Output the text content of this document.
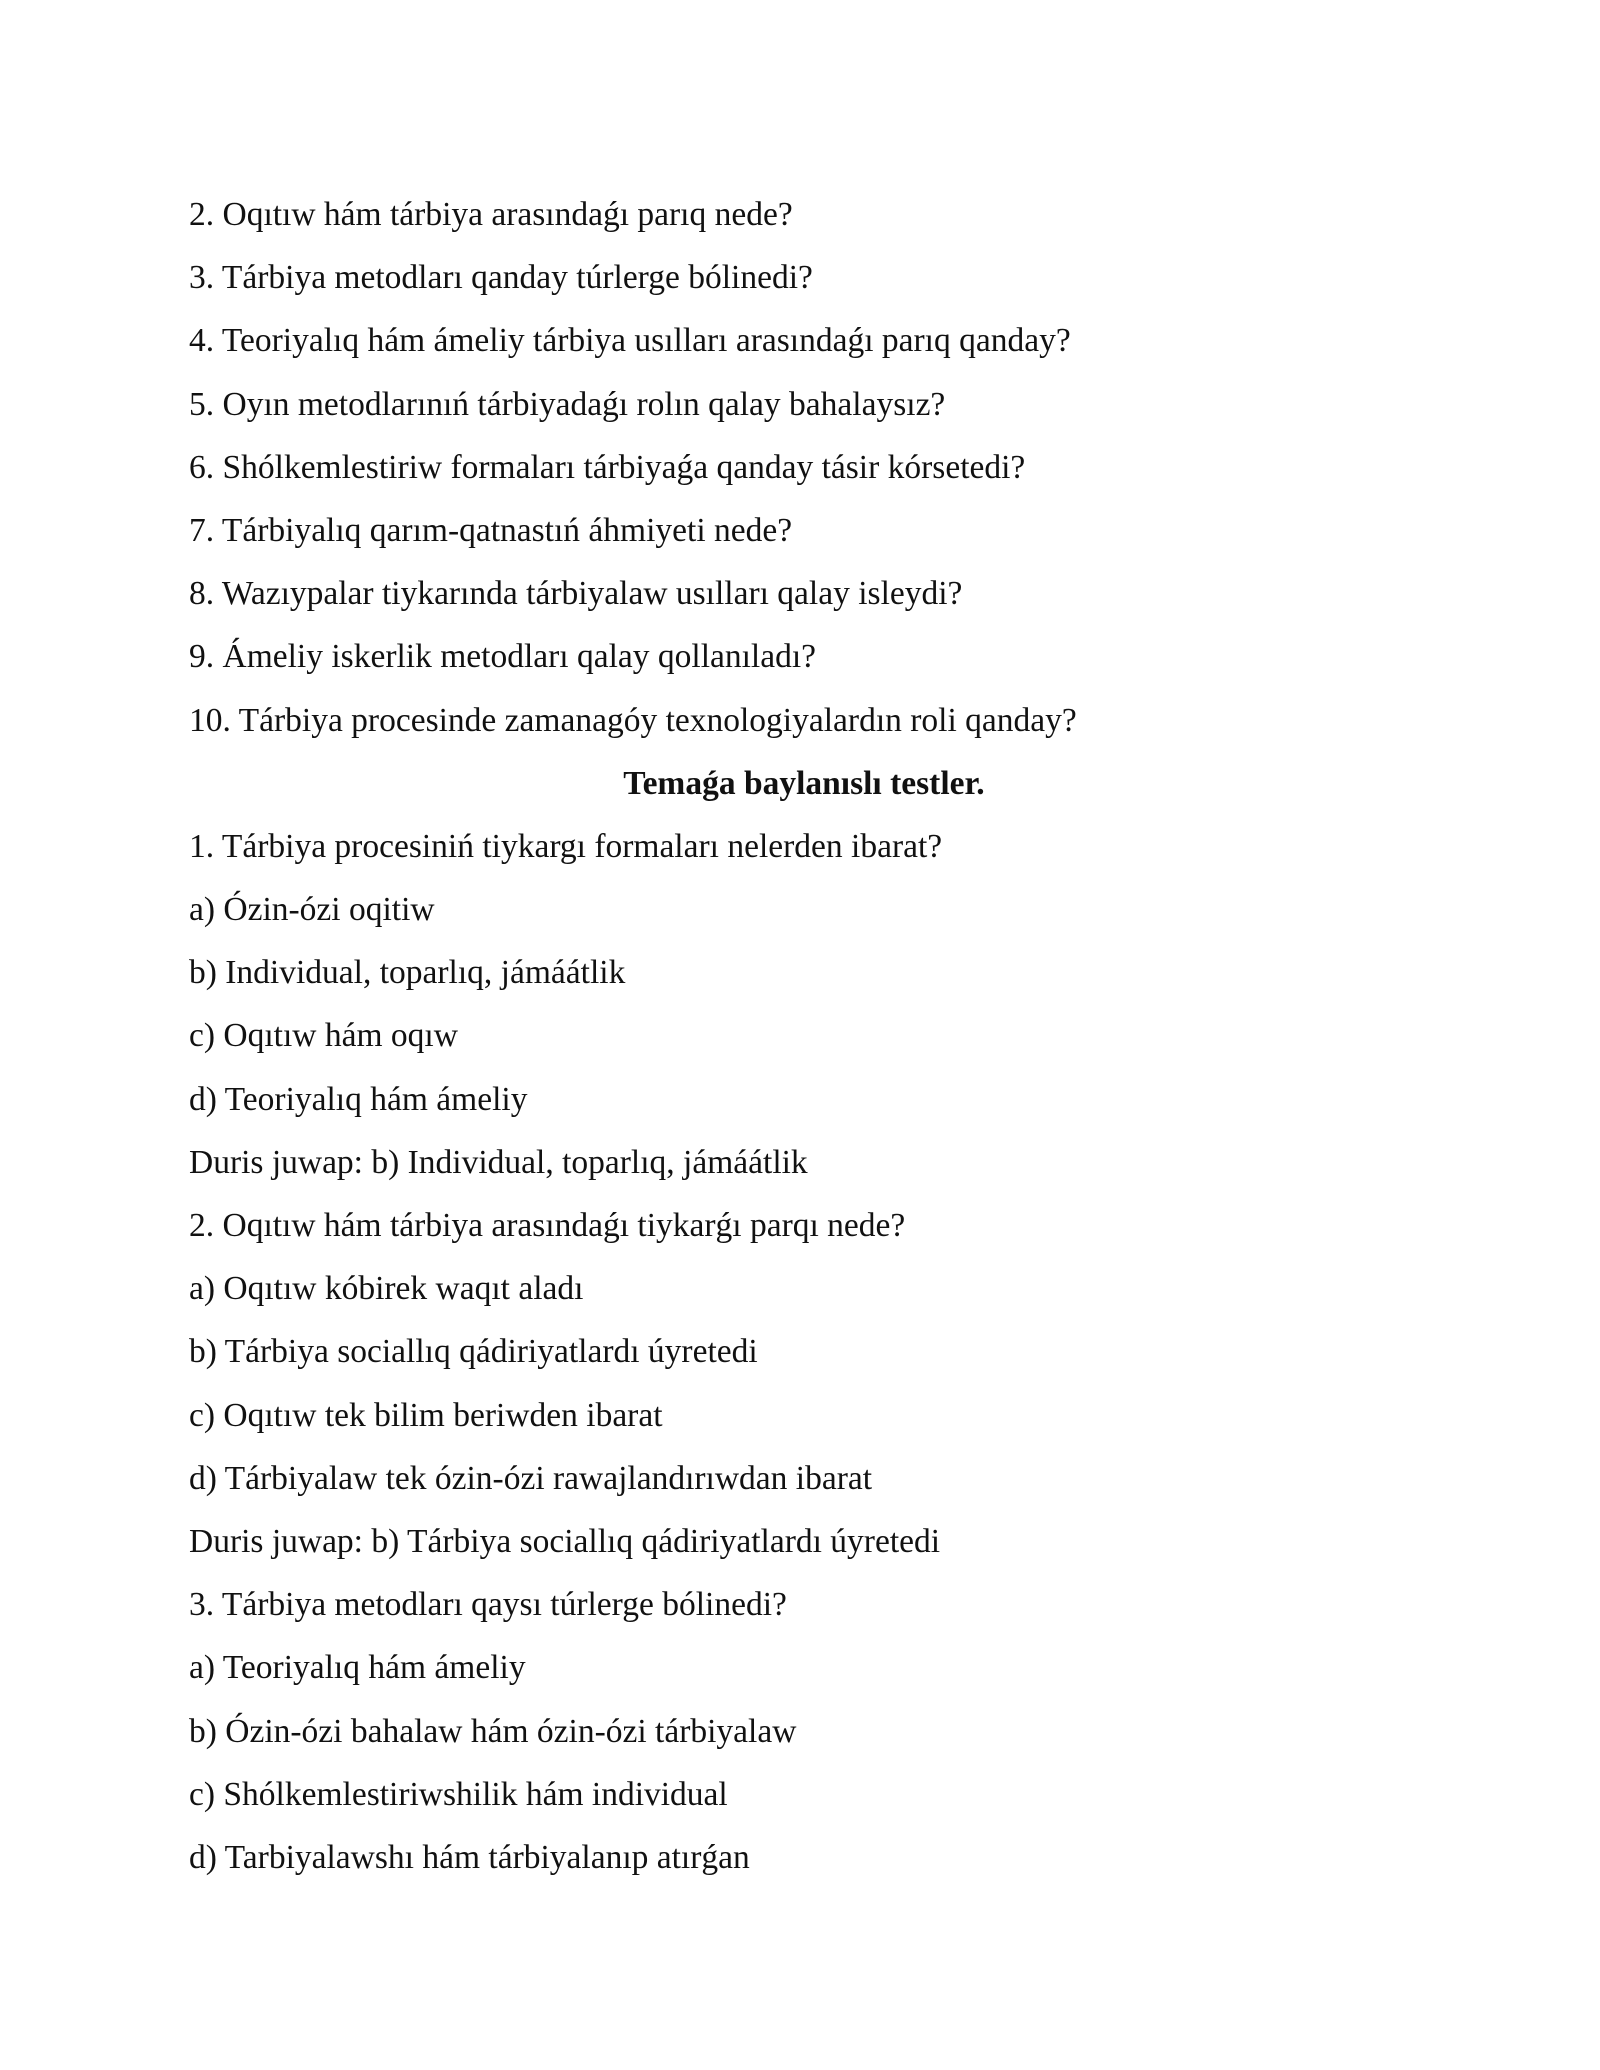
2. Oqıtıw hám tárbiya arasındaǵı parıq nede?
3. Tárbiya metodları qanday túrlerge bólinedi?
4. Teoriyalıq hám ámeliy tárbiya usılları arasındaǵı parıq qanday?
5. Oyın metodlarınıń tárbiyadaǵı rolın qalay bahalaysız?
6. Shólkemlestiriw formaları tárbiyaǵa qanday tásir kórsetedi?
7. Tárbiyalıq qarım-qatnastıń áhmiyeti nede?
8. Wazıypalar tiykarında tárbiyalaw usılları qalay isleydi?
9. Ámeliy iskerlik metodları qalay qollanıladı?
10. Tárbiya procesinde zamanagóy texnologiyalardın roli qanday?
Temaǵa baylanıslı testler.
1. Tárbiya procesiniń tiykargı formaları nelerden ibarat?
a) Ózin-ózi oqitiw
b) Individual, toparlıq, jámáátlik
c) Oqıtıw hám oqıw
d) Teoriyalıq hám ámeliy
Duris juwap: b) Individual, toparlıq, jámáátlik
2. Oqıtıw hám tárbiya arasındaǵı tiykarǵı parqı nede?
a) Oqıtıw kóbirek waqıt aladı
b) Tárbiya sociallıq qádiriyatlardı úyretedi
c) Oqıtıw tek bilim beriwden ibarat
d) Tárbiyalaw tek ózin-ózi rawajlandırıwdan ibarat
Duris juwap: b) Tárbiya sociallıq qádiriyatlardı úyretedi
3. Tárbiya metodları qaysı túrlerge bólinedi?
a) Teoriyalıq hám ámeliy
b) Ózin-ózi bahalaw hám ózin-ózi tárbiyalaw
c) Shólkemlestiriwshilik hám individual
d) Tarbiyalawshı hám tárbiyalanıp atırǵan
